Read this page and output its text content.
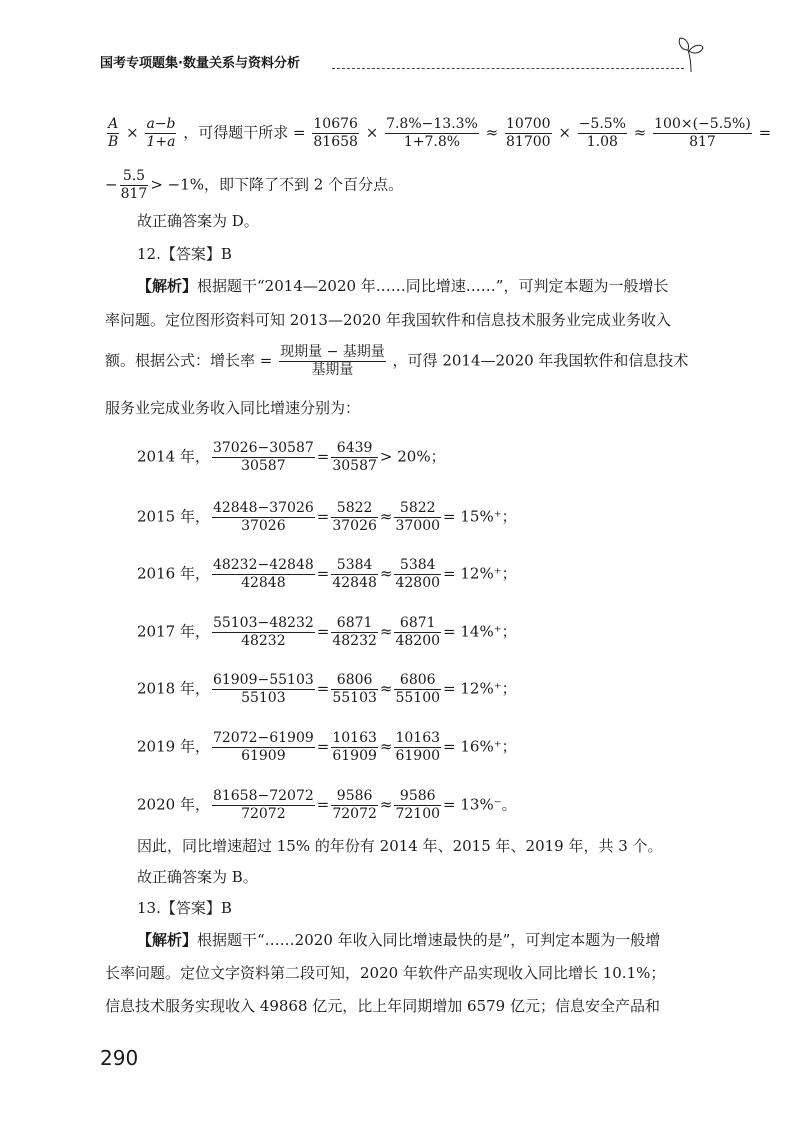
国考专项题集·数量关系与资料分析
$\frac{A}{B} \times \frac{a-b}{1+a}$ ，可得题干所求 = $\frac{10676}{81658} \times \frac{7.8\%-13.3\%}{1+7.8\%} \approx \frac{10700}{81700} \times \frac{-5.5\%}{1.08} \approx \frac{100\times(-5.5\%)}{817}$ =
− $\frac{5.5}{817} > -1\%$，即下降了不到 2 个百分点。
故正确答案为 D。
12.【答案】B
【解析】根据题干“2014—2020 年……同比增速……”，可判定本题为一般增长
率问题。定位图形资料可知 2013—2020 年我国软件和信息技术服务业完成业务收入
额。根据公式：增长率 = 现期量 − 基期量
基期量
，可得 2014—2020 年我国软件和信息技术
服务业完成业务收入同比增速分别为：
2014 年， $\frac{37026-30587}{30587} = \frac{6439}{30587} > 20\%$；
2015 年， $\frac{42848-37026}{37026} = \frac{5822}{37026} \approx \frac{5822}{37000} = 15\%^+$；
2016 年， $\frac{48232-42848}{42848} = \frac{5384}{42848} \approx \frac{5384}{42800} = 12\%^+$；
2017 年， $\frac{55103-48232}{48232} = \frac{6871}{48232} \approx \frac{6871}{48200} = 14\%^+$；
2018 年， $\frac{61909-55103}{55103} = \frac{6806}{55103} \approx \frac{6806}{55100} = 12\%^+$；
2019 年， $\frac{72072-61909}{61909} = \frac{10163}{61909} \approx \frac{10163}{61900} = 16\%^+$；
2020 年， $\frac{81658-72072}{72072} = \frac{9586}{72072} \approx \frac{9586}{72100} = 13\%^-$。
因此，同比增速超过 15% 的年份有 2014 年、2015 年、2019 年，共 3 个。
故正确答案为 B。
13.【答案】B
【解析】根据题干“……2020 年收入同比增速最快的是”，可判定本题为一般增
长率问题。定位文字资料第二段可知，2020 年软件产品实现收入同比增长 10.1%；
信息技术服务实现收入 49868 亿元，比上年同期增加 6579 亿元；信息安全产品和
290
